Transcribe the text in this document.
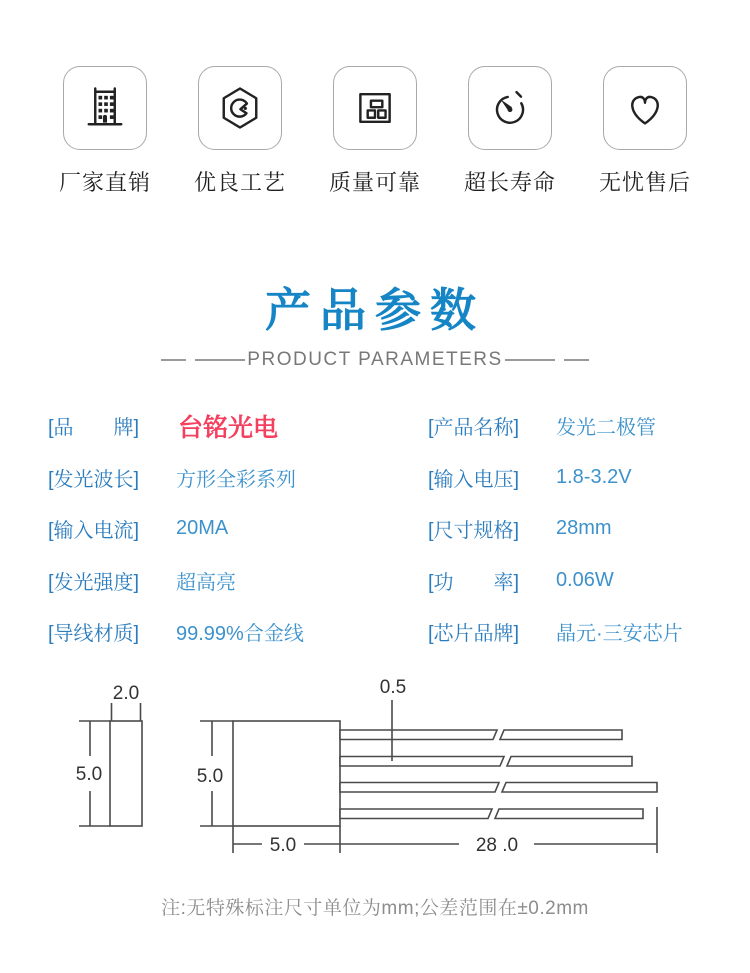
厂家直销 优良工艺 质量可靠 超长寿命 无忧售后
产品参数
PRODUCT PARAMETERS
[品　　牌]	台铭光电
[发光波长]	方形全彩系列
[输入电流]	20MA
[发光强度]	超高亮
[导线材质]	99.99%合金线
[产品名称]	发光二极管
[输入电压]	1.8-3.2V
[尺寸规格]	28mm
[功　　率]	0.06W
[芯片品牌]	晶元·三安芯片
2.0
5.0	5.0
0.5
5.0	28 .0
注:无特殊标注尺寸单位为mm;公差范围在±0.2mm
